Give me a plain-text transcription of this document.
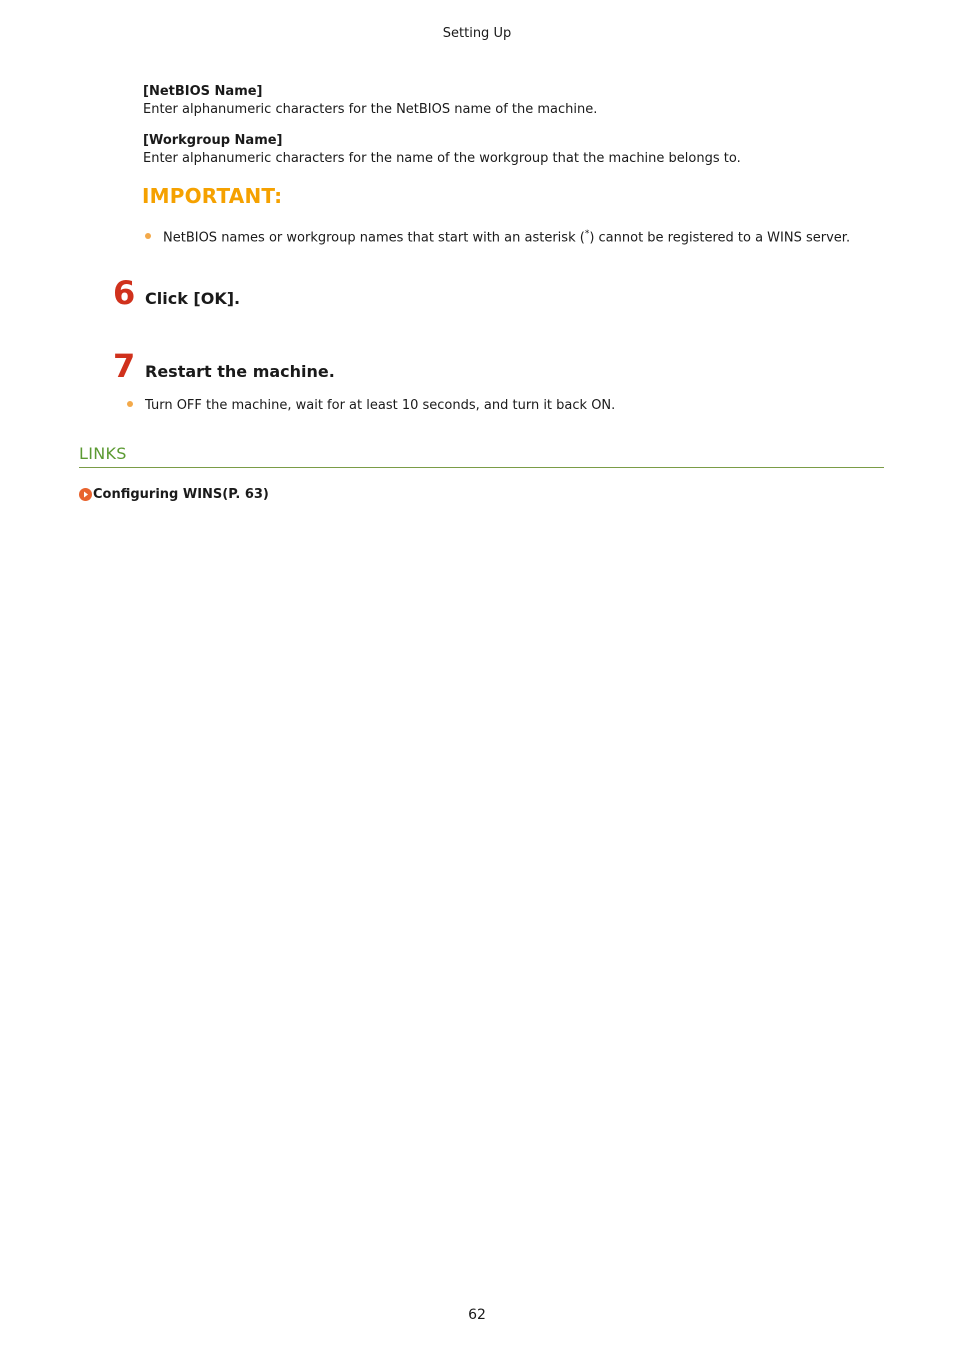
Setting Up
[NetBIOS Name]
Enter alphanumeric characters for the NetBIOS name of the machine.
[Workgroup Name]
Enter alphanumeric characters for the name of the workgroup that the machine belongs to.
IMPORTANT:
NetBIOS names or workgroup names that start with an asterisk (*) cannot be registered to a WINS server.
6 Click [OK].
7 Restart the machine.
Turn OFF the machine, wait for at least 10 seconds, and turn it back ON.
LINKS
Configuring WINS(P. 63)
62
